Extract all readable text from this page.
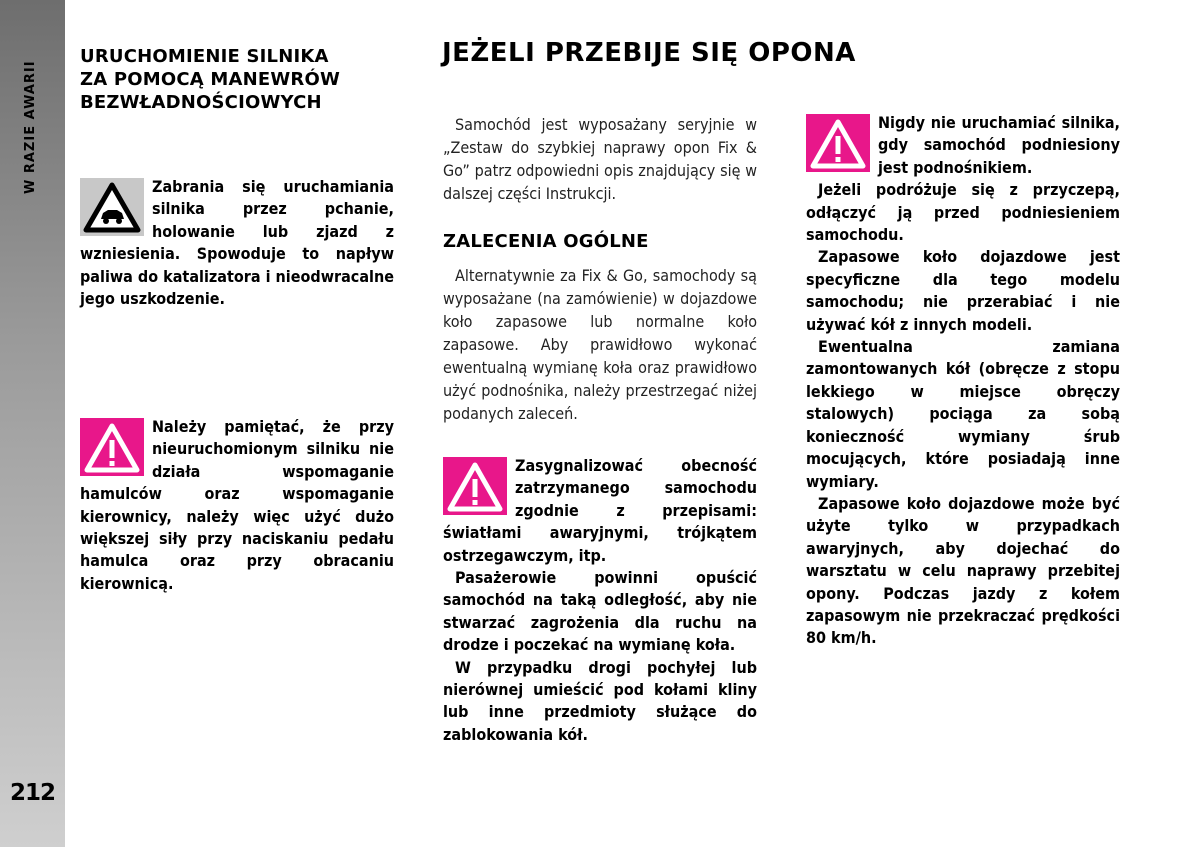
W RAZIE AWARII
212
URUCHOMIENIE SILNIKA
ZA POMOCĄ MANEWRÓW
BEZWŁADNOŚCIOWYCH

Zabrania się uruchamiania silnika przez pchanie, holowanie lub zjazd z wzniesienia. Spowoduje to napływ paliwa do katalizatora i nieodwracalne jego uszkodzenie.

Należy pamiętać, że przy nieuruchomionym silniku nie działa wspomaganie hamulców oraz wspomaganie kierownicy, należy więc użyć dużo większej siły przy naciskaniu pedału hamulca oraz przy obracaniu kierownicą.

JEŻELI PRZEBIJE SIĘ OPONA

Samochód jest wyposażany seryjnie w „Zestaw do szybkiej naprawy opon Fix & Go” patrz odpowiedni opis znajdujący się w dalszej części Instrukcji.

ZALECENIA OGÓLNE

Alternatywnie za Fix & Go, samochody są wyposażane (na zamówienie) w dojazdowe koło zapasowe lub normalne koło zapasowe. Aby prawidłowo wykonać ewentualną wymianę koła oraz prawidłowo użyć podnośnika, należy przestrzegać niżej podanych zaleceń.

Zasygnalizować obecność zatrzymanego samochodu zgodnie z przepisami: światłami awaryjnymi, trójkątem ostrzegawczym, itp.

Pasażerowie powinni opuścić samochód na taką odległość, aby nie stwarzać zagrożenia dla ruchu na drodze i poczekać na wymianę koła.

W przypadku drogi pochyłej lub nierównej umieścić pod kołami kliny lub inne przedmioty służące do zablokowania kół.

Nigdy nie uruchamiać silnika, gdy samochód podniesiony jest podnośnikiem.

Jeżeli podróżuje się z przyczepą, odłączyć ją przed podniesieniem samochodu.

Zapasowe koło dojazdowe jest specyficzne dla tego modelu samochodu; nie przerabiać i nie używać kół z innych modeli.

Ewentualna zamiana zamontowanych kół (obręcze z stopu lekkiego w miejsce obręczy stalowych) pociąga za sobą konieczność wymiany śrub mocujących, które posiadają inne wymiary.

Zapasowe koło dojazdowe może być użyte tylko w przypadkach awaryjnych, aby dojechać do warsztatu w celu naprawy przebitej opony. Podczas jazdy z kołem zapasowym nie przekraczać prędkości 80 km/h.
